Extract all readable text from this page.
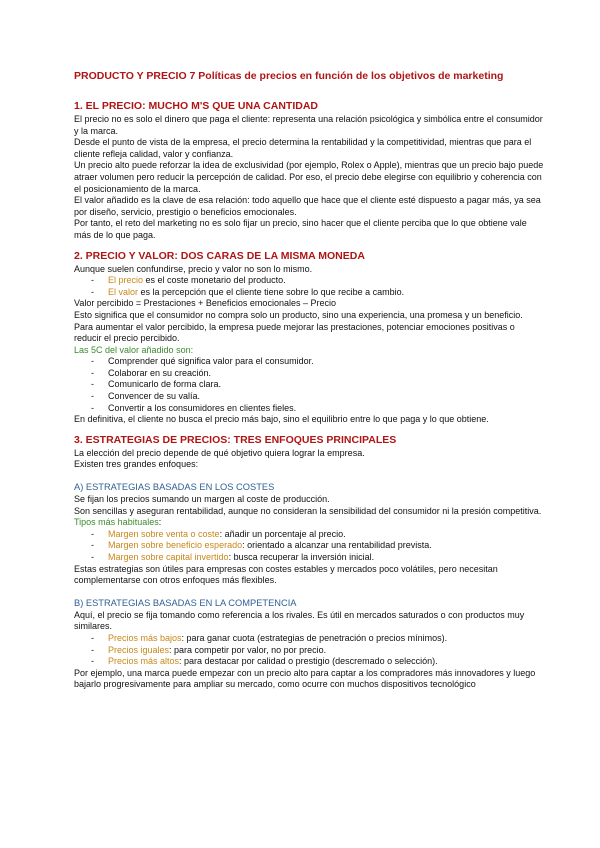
PRODUCTO Y PRECIO 7 Políticas de precios en función de los objetivos de marketing
1. EL PRECIO: MUCHO M'S QUE UNA CANTIDAD

El precio no es solo el dinero que paga el cliente: representa una relación psicológica y simbólica entre el consumidor y la marca.

Desde el punto de vista de la empresa, el precio determina la rentabilidad y la competitividad, mientras que para el cliente refleja calidad, valor y confianza.

Un precio alto puede reforzar la idea de exclusividad (por ejemplo, Rolex o Apple), mientras que un precio bajo puede atraer volumen pero reducir la percepción de calidad. Por eso, el precio debe elegirse con equilibrio y coherencia con el posicionamiento de la marca.

El valor añadido es la clave de esa relación: todo aquello que hace que el cliente esté dispuesto a pagar más, ya sea por diseño, servicio, prestigio o beneficios emocionales.

Por tanto, el reto del marketing no es solo fijar un precio, sino hacer que el cliente perciba que lo que obtiene vale más de lo que paga.

2. PRECIO Y VALOR: DOS CARAS DE LA MISMA MONEDA

Aunque suelen confundirse, precio y valor no son lo mismo.

- El precio es el coste monetario del producto.
- El valor es la percepción que el cliente tiene sobre lo que recibe a cambio.

Valor percibido = Prestaciones + Beneficios emocionales – Precio

Esto significa que el consumidor no compra solo un producto, sino una experiencia, una promesa y un beneficio.

Para aumentar el valor percibido, la empresa puede mejorar las prestaciones, potenciar emociones positivas o reducir el precio percibido.

Las 5C del valor añadido son:

- Comprender qué significa valor para el consumidor.
- Colaborar en su creación.
- Comunicarlo de forma clara.
- Convencer de su valía.
- Convertir a los consumidores en clientes fieles.

En definitiva, el cliente no busca el precio más bajo, sino el equilibrio entre lo que paga y lo que obtiene.

3. ESTRATEGIAS DE PRECIOS: TRES ENFOQUES PRINCIPALES

La elección del precio depende de qué objetivo quiera lograr la empresa.

Existen tres grandes enfoques:

A) ESTRATEGIAS BASADAS EN LOS COSTES

Se fijan los precios sumando un margen al coste de producción.

Son sencillas y aseguran rentabilidad, aunque no consideran la sensibilidad del consumidor ni la presión competitiva. Tipos más habituales:

- Margen sobre venta o coste: añadir un porcentaje al precio.
- Margen sobre beneficio esperado: orientado a alcanzar una rentabilidad prevista.
- Margen sobre capital invertido: busca recuperar la inversión inicial.

Estas estrategias son útiles para empresas con costes estables y mercados poco volátiles, pero necesitan complementarse con otros enfoques más flexibles.

B) ESTRATEGIAS BASADAS EN LA COMPETENCIA

Aquí, el precio se fija tomando como referencia a los rivales. Es útil en mercados saturados o con productos muy similares.

- Precios más bajos: para ganar cuota (estrategias de penetración o precios mínimos).
- Precios iguales: para competir por valor, no por precio.
- Precios más altos: para destacar por calidad o prestigio (descremado o selección).

Por ejemplo, una marca puede empezar con un precio alto para captar a los compradores más innovadores y luego bajarlo progresivamente para ampliar su mercado, como ocurre con muchos dispositivos tecnológico
